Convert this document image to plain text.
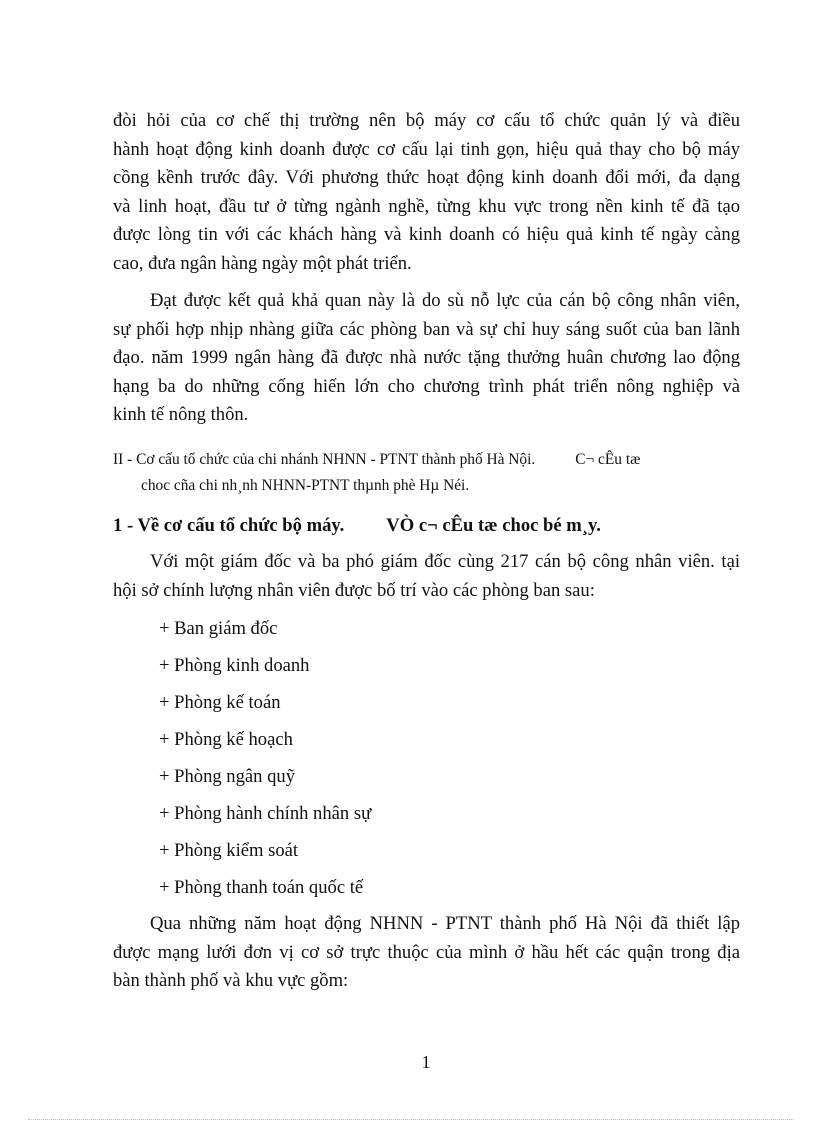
đòi hỏi của cơ chế thị trường nên bộ máy cơ cấu tổ chức quản lý và điều
hành hoạt động kinh doanh được cơ cấu lại tinh gọn, hiệu quả thay cho bộ máy
cồng kềnh trước đây. Với phương thức hoạt động kinh doanh đổi mới, đa dạng
và linh hoạt, đầu tư ở từng ngành nghề, từng khu vực trong nền kinh tế đã tạo
được lòng tin với các khách hàng và kinh doanh có hiệu quả kinh tế ngày càng
cao, đưa ngân hàng ngày một phát triển.
Đạt được kết quả khả quan này là do sù nỗ lực của cán bộ công nhân viên,
sự phối hợp nhịp nhàng giữa các phòng ban và sự chỉ huy sáng suốt của ban lãnh
đạo. năm 1999 ngân hàng đã được nhà nước tặng thưởng huân chương lao động
hạng ba do những cống hiến lớn cho chương trình phát triển nông nghiệp và
kinh tế nông thôn.
II - Cơ cấu tổ chức của chi nhánh NHNN - PTNT thành phố Hà Nội.	C¬ cÊu tæ
choc cña chi nh¸nh NHNN-PTNT thµnh phè Hµ Néi.
1 - Về cơ cấu tổ chức bộ máy. VÒ c¬ cÊu tæ choc bé m¸y.
Với một giám đốc và ba phó giám đốc cùng 217 cán bộ công nhân viên. tại
hội sở chính lượng nhân viên được bố trí vào các phòng ban sau:
+ Ban giám đốc
+ Phòng kinh doanh
+ Phòng kế toán
+ Phòng kế hoạch
+ Phòng ngân quỹ
+ Phòng hành chính nhân sự
+ Phòng kiểm soát
+ Phòng thanh toán quốc tế
Qua những năm hoạt động NHNN - PTNT thành phố Hà Nội đã thiết lập
được mạng lưới đơn vị cơ sở trực thuộc của mình ở hầu hết các quận trong địa
bàn thành phố và khu vực gồm:
1
